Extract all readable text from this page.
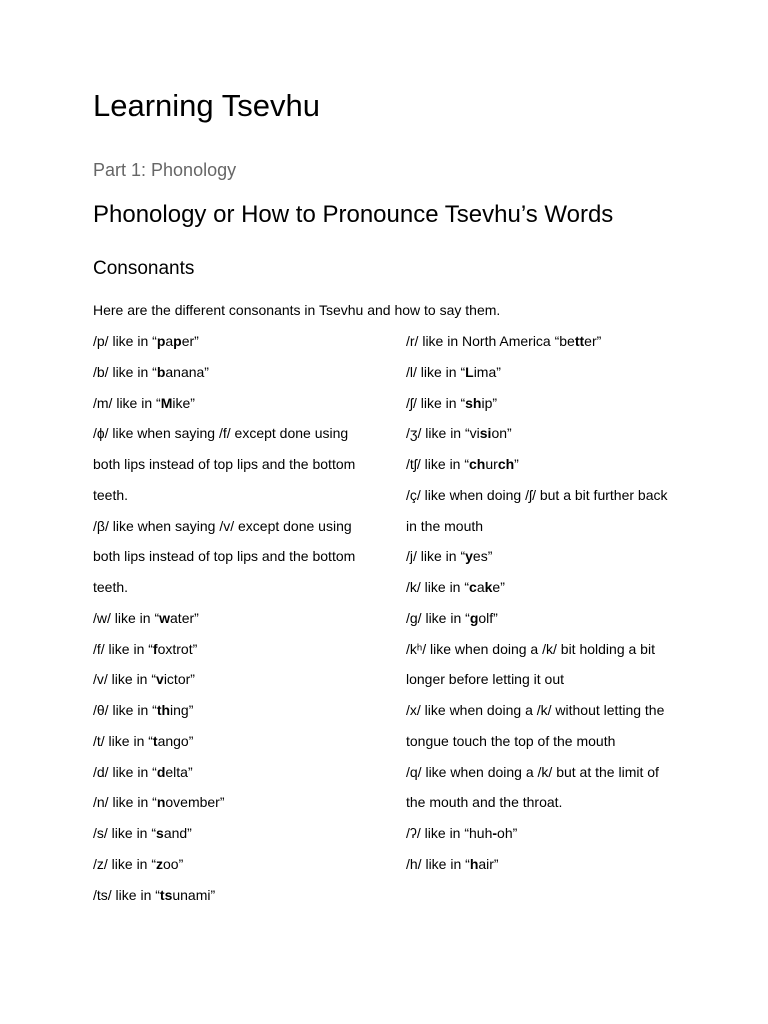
Learning Tsevhu
Part 1: Phonology
Phonology or How to Pronounce Tsevhu’s Words
Consonants

Here are the different consonants in Tsevhu and how to say them.

/p/ like in “paper”
/b/ like in “banana”
/m/ like in “Mike”
/ɸ/ like when saying /f/ except done using
both lips instead of top lips and the bottom
teeth.
/β/ like when saying /v/ except done using
both lips instead of top lips and the bottom
teeth.
/w/ like in “water”
/f/ like in “foxtrot”
/v/ like in “victor”
/θ/ like in “thing”
/t/ like in “tango”
/d/ like in “delta”
/n/ like in “november”
/s/ like in “sand”
/z/ like in “zoo”
/ts/ like in “tsunami”
/r/ like in North America “better”
/l/ like in “Lima”
/ʃ/ like in “ship”
/ʒ/ like in “vision”
/tʃ/ like in “church”
/ç/ like when doing /ʃ/ but a bit further back
in the mouth
/j/ like in “yes”
/k/ like in “cake”
/g/ like in “golf”
/kʰ/ like when doing a /k/ bit holding a bit
longer before letting it out
/x/ like when doing a /k/ without letting the
tongue touch the top of the mouth
/q/ like when doing a /k/ but at the limit of
the mouth and the throat.
/ʔ/ like in “huh-oh”
/h/ like in “hair”
